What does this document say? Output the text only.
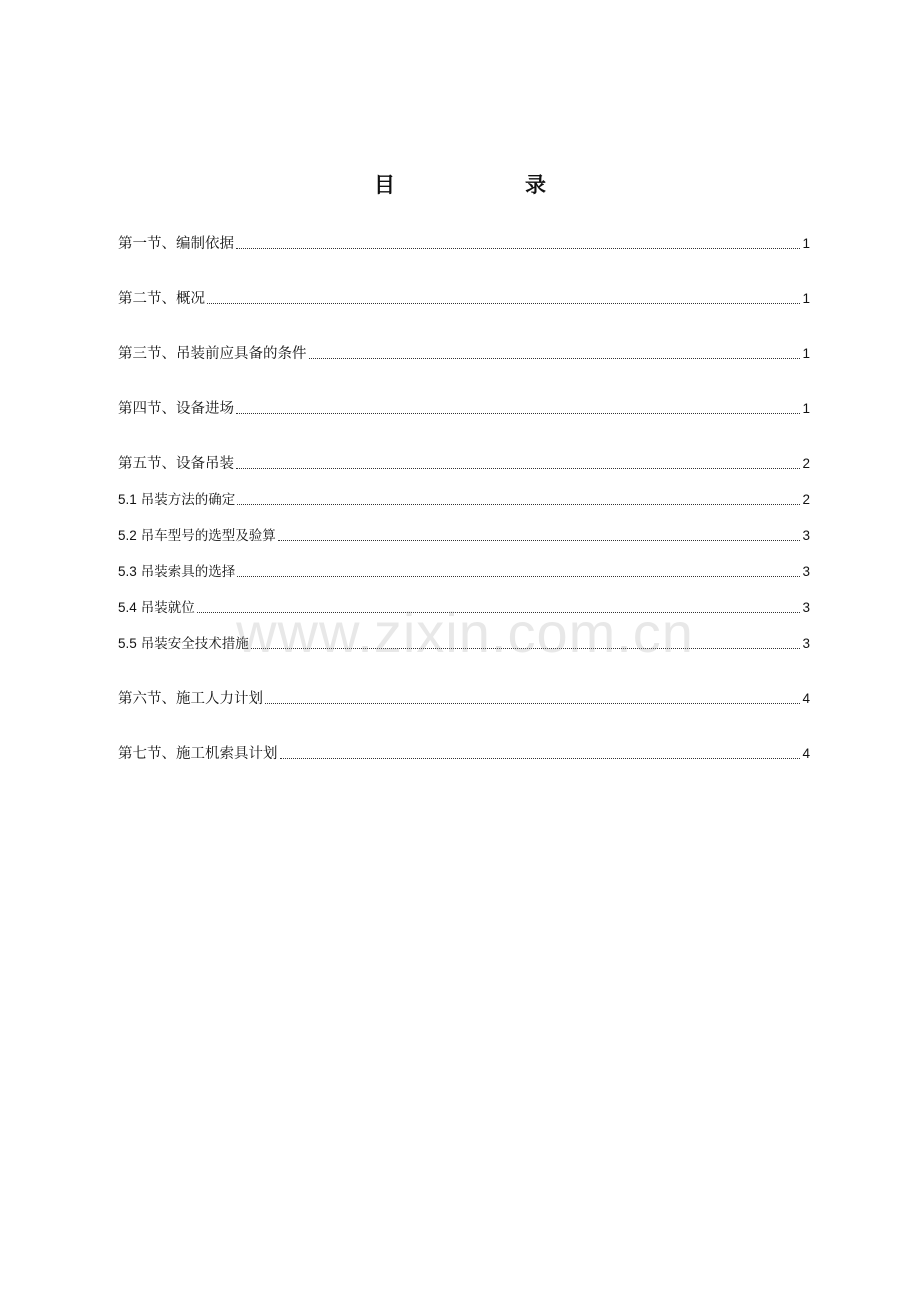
目	录
第一节、编制依据	1
第二节、概况	1
第三节、吊装前应具备的条件	1
第四节、设备进场	1
第五节、设备吊装	2
5.1 吊装方法的确定	2
5.2 吊车型号的选型及验算	3
5.3 吊装索具的选择	3
5.4 吊装就位	3
5.5 吊装安全技术措施	3
第六节、施工人力计划	4
第七节、施工机索具计划	4
www.zixin.com.cn
